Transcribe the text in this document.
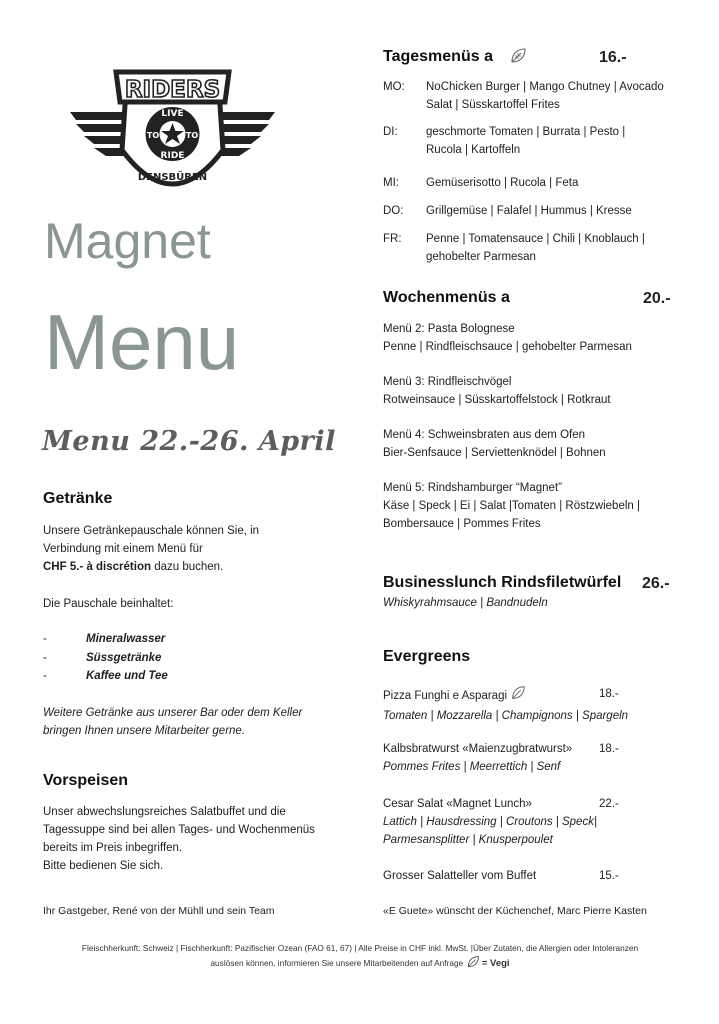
RIDERS
LIVE
TO	TO
RIDE
DENSBÜREN
Magnet
Menu
Menu 22.-26. April
Getränke
Unsere Getränkepauschale können Sie, in
Verbindung mit einem Menü für
CHF 5.- à discrétion dazu buchen.
Die Pauschale beinhaltet:
-	Mineralwasser
-	Süssgetränke
-	Kaffee und Tee
Weitere Getränke aus unserer Bar oder dem Keller
bringen Ihnen unsere Mitarbeiter gerne.
Vorspeisen
Unser abwechslungsreiches Salatbuffet und die
Tagessuppe sind bei allen Tages- und Wochenmenüs
bereits im Preis inbegriffen.
Bitte bedienen Sie sich.
Ihr Gastgeber, René von der Mühll und sein Team
Tagesmenüs a	16.-
MO:	NoChicken Burger | Mango Chutney | Avocado
Salat | Süsskartoffel Frites
DI:	geschmorte Tomaten | Burrata | Pesto |
Rucola | Kartoffeln
MI:	Gemüserisotto | Rucola | Feta
DO:	Grillgemüse | Falafel | Hummus | Kresse
FR:	Penne | Tomatensauce | Chili | Knoblauch |
gehobelter Parmesan
Wochenmenüs a	20.-
Menü 2: Pasta Bolognese
Penne | Rindfleischsauce | gehobelter Parmesan
Menü 3: Rindfleischvögel
Rotweinsauce | Süsskartoffelstock | Rotkraut
Menü 4: Schweinsbraten aus dem Ofen
Bier-Senfsauce | Serviettenknödel | Bohnen
Menü 5: Rindshamburger “Magnet”
Käse | Speck | Ei | Salat |Tomaten | Röstzwiebeln |
Bombersauce | Pommes Frites
Businesslunch Rindsfiletwürfel 26.-
Whiskyrahmsauce | Bandnudeln
Evergreens
Pizza Funghi e Asparagi	18.-
Tomaten | Mozzarella | Champignons | Spargeln
Kalbsbratwurst «Maienzugbratwurst»	18.-
Pommes Frites | Meerrettich | Senf
Cesar Salat «Magnet Lunch»	22.-
Lattich | Hausdressing | Croutons | Speck|
Parmesansplitter | Knusperpoulet
Grosser Salatteller vom Buffet	15.-
«E Guete» wünscht der Küchenchef, Marc Pierre Kasten
Fleischherkunft: Schweiz | Fischherkunft: Pazifischer Ozean (FAO 61, 67) | Alle Preise in CHF inkl. MwSt. |Über Zutaten, die Allergien oder Intoleranzen
auslösen können, informieren Sie unsere Mitarbeitenden auf Anfrage = Vegi
